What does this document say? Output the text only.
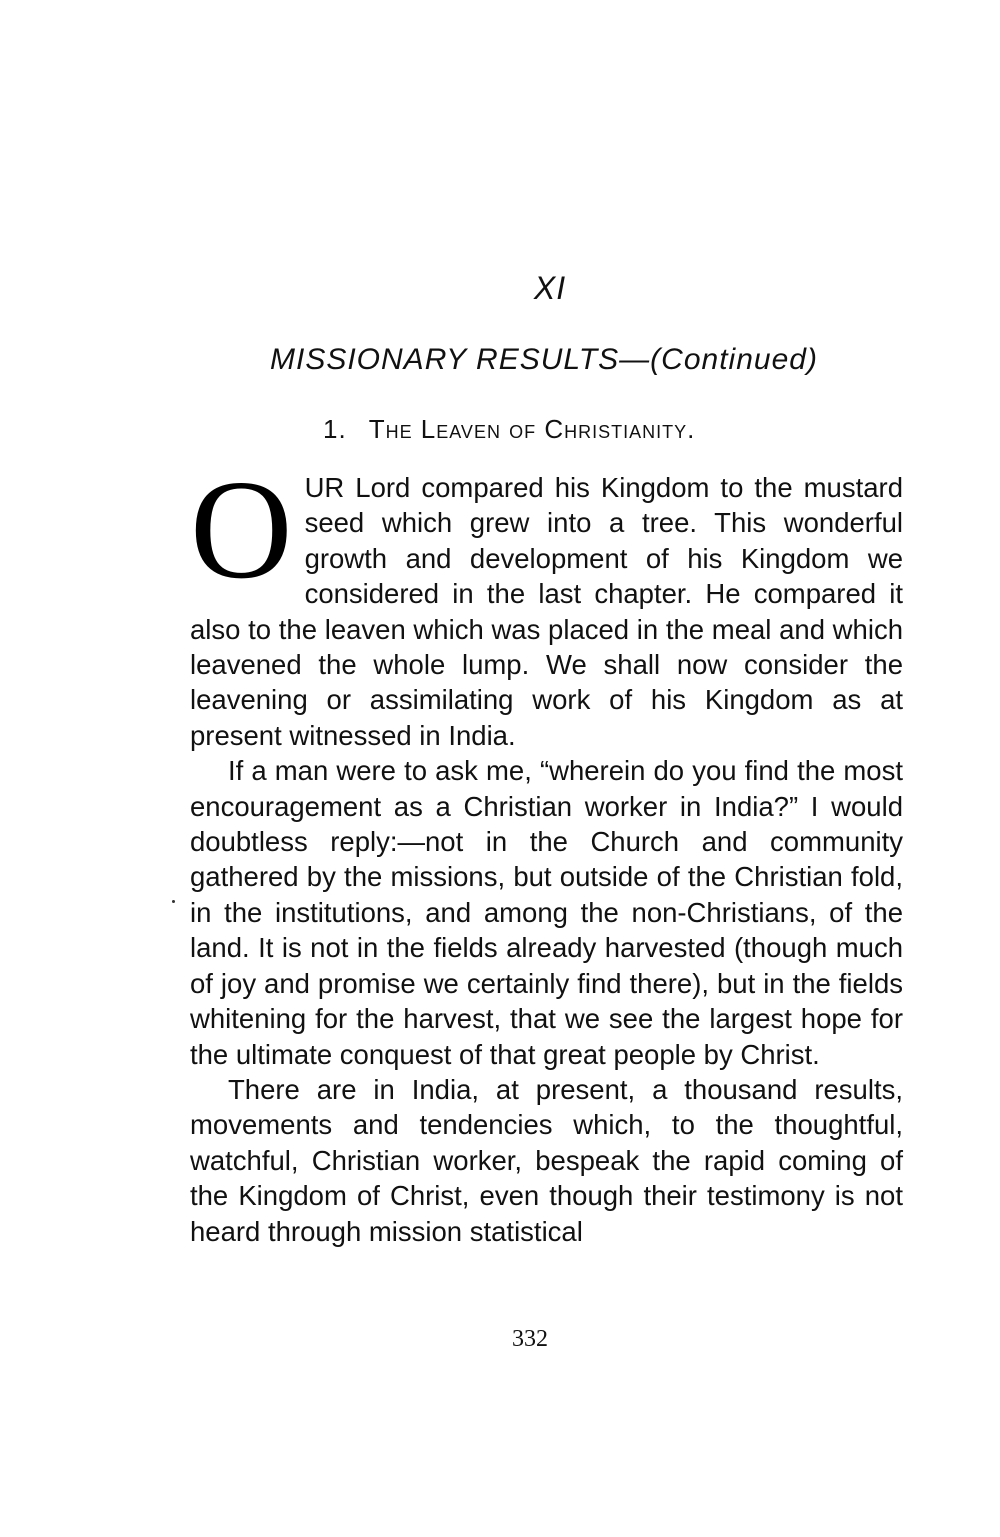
XI
MISSIONARY RESULTS—(Continued)
1. The Leaven of Christianity.

OUR Lord compared his Kingdom to the mustard seed which grew into a tree. This wonderful growth and development of his Kingdom we considered in the last chapter. He compared it also to the leaven which was placed in the meal and which leavened the whole lump. We shall now consider the leavening or assimilating work of his Kingdom as at present witnessed in India.

If a man were to ask me, “wherein do you find the most encouragement as a Christian worker in India?” I would doubtless reply:—not in the Church and community gathered by the missions, but outside of the Christian fold, in the institutions, and among the non-Christians, of the land. It is not in the fields already harvested (though much of joy and promise we certainly find there), but in the fields whitening for the harvest, that we see the largest hope for the ultimate conquest of that great people by Christ.

There are in India, at present, a thousand results, movements and tendencies which, to the thoughtful, watchful, Christian worker, bespeak the rapid coming of the Kingdom of Christ, even though their testimony is not heard through mission statistical

332
